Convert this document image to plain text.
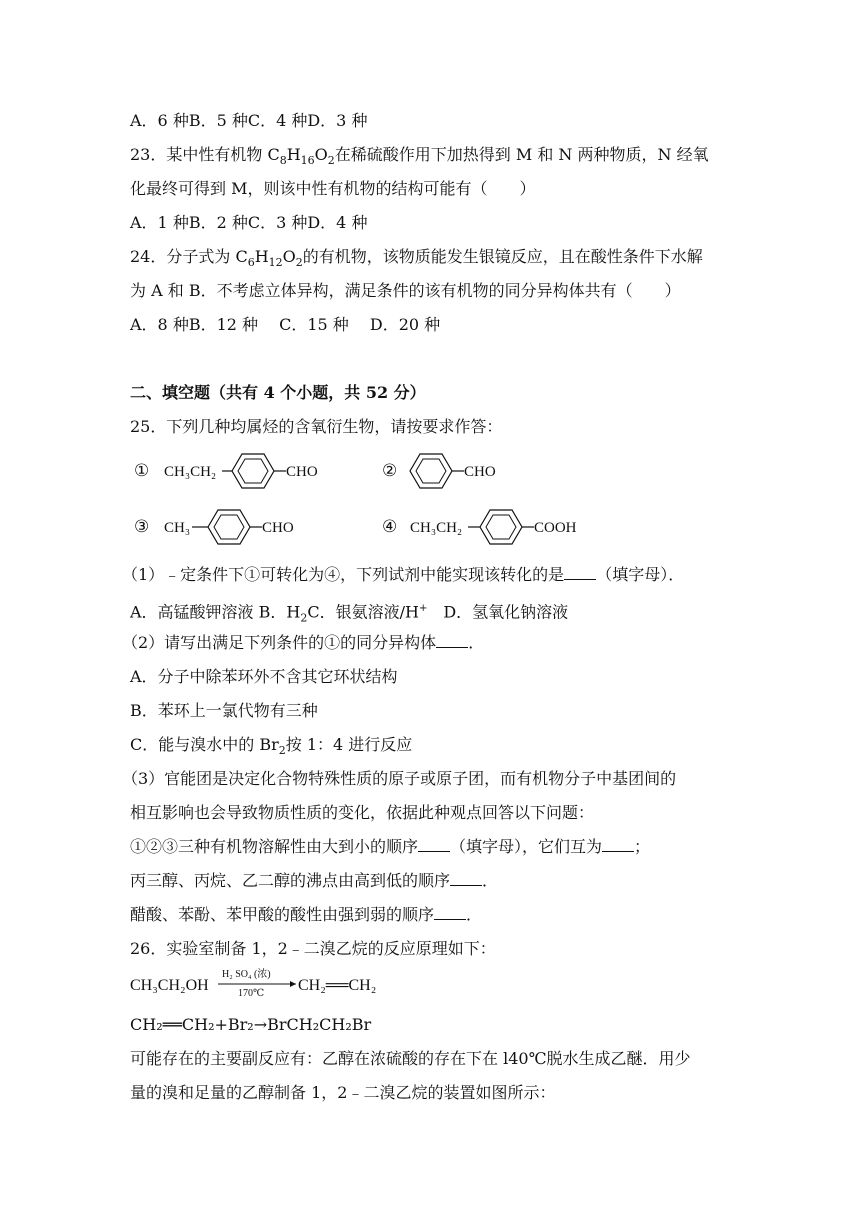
A．6 种B．5 种C．4 种D．3 种
23．某中性有机物 $C_8H_{16}O_2$在稀硫酸作用下加热得到 M 和 N 两种物质，N 经氧
化最终可得到 M，则该中性有机物的结构可能有（　　）
A．1 种B．2 种C．3 种D．4 种
24．分子式为 $C_6H_{12}O_2$的有机物，该物质能发生银镜反应，且在酸性条件下水解
为 A 和 B．不考虑立体异构，满足条件的该有机物的同分异构体共有（　　）
A．8 种B．12 种　 C．15 种　 D．20 种
二、填空题（共有 4 个小题，共 52 分）
25．下列几种均属烃的含氧衍生物，请按要求作答：
① CH₃CH₂	CHO	②	CHO
③ CH₃	CHO	④ CH₃CH₂	COOH
（1）﹣定条件下①可转化为④，下列试剂中能实现该转化的是 （填字母）．
A．高锰酸钾溶液 B．$H_2C$．银氨溶液/H+　D．氢氧化钠溶液
（2）请写出满足下列条件的①的同分异构体 ．
A．分子中除苯环外不含其它环状结构
B．苯环上一氯代物有三种
C．能与溴水中的 $Br_2$按 1：4 进行反应
（3）官能团是决定化合物特殊性质的原子或原子团，而有机物分子中基团间的
相互影响也会导致物质性质的变化，依据此种观点回答以下问题：
①②③三种有机物溶解性由大到小的顺序 （填字母），它们互为 ；
丙三醇、丙烷、乙二醇的沸点由高到低的顺序 ．
醋酸、苯酚、苯甲酸的酸性由强到弱的顺序 ．
26．实验室制备 1，2﹣二溴乙烷的反应原理如下：
CH₃CH₂OH
H₂ SO₄ (浓)
170℃ CH₂══CH₂
CH₂══CH₂+Br₂→BrCH₂CH₂Br
可能存在的主要副反应有：乙醇在浓硫酸的存在下在 l40℃脱水生成乙醚．用少
量的溴和足量的乙醇制备 1，2﹣二溴乙烷的装置如图所示：
